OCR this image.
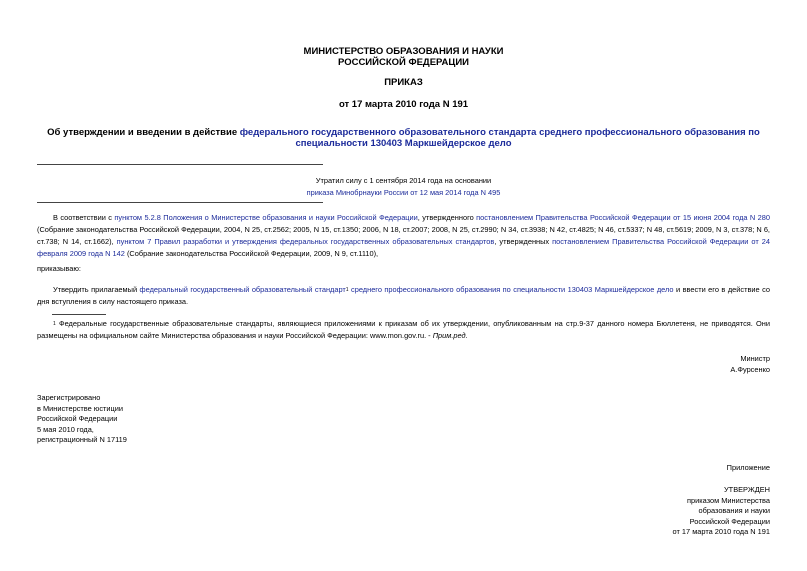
МИНИСТЕРСТВО ОБРАЗОВАНИЯ И НАУКИ
РОССИЙСКОЙ ФЕДЕРАЦИИ
ПРИКАЗ
от 17 марта 2010 года N 191
Об утверждении и введении в действие федерального государственного образовательного стандарта среднего профессионального образования по
специальности 130403 Маркшейдерское дело
Утратил силу с 1 сентября 2014 года на основании
приказа Минобрнауки России от 12 мая 2014 года N 495
В соответствии с пунктом 5.2.8 Положения о Министерстве образования и науки Российской Федерации, утвержденного постановлением Правительства Российской Федерации от 15 июня 2004 года N 280 (Собрание законодательства Российской Федерации, 2004, N 25, ст.2562; 2005, N 15, ст.1350; 2006, N 18, ст.2007; 2008, N 25, ст.2990; N 34, ст.3938; N 42, ст.4825; N 46, ст.5337; N 48, ст.5619; 2009, N 3, ст.378; N 6, ст.738; N 14, ст.1662), пунктом 7 Правил разработки и утверждения федеральных государственных образовательных стандартов, утвержденных постановлением Правительства Российской Федерации от 24 февраля 2009 года N 142 (Собрание законодательства Российской Федерации, 2009, N 9, ст.1110),
приказываю:
Утвердить прилагаемый федеральный государственный образовательный стандарт$^1$ среднего профессионального образования по специальности 130403 Маркшейдерское дело и ввести его в действие со дня вступления в силу настоящего приказа.
$^1$ Федеральные государственные образовательные стандарты, являющиеся приложениями к приказам об их утверждении, опубликованным на стр.9-37 данного номера Бюллетеня, не приводятся. Они размещены на официальном сайте Министерства образования и науки Российской Федерации: www.mon.gov.ru. - Прим.ред.
Министр
А.Фурсенко
Зарегистрировано
в Министерстве юстиции
Российской Федерации
5 мая 2010 года,
регистрационный N 17119
Приложение
УТВЕРЖДЕН
приказом Министерства
образования и науки
Российской Федерации
от 17 марта 2010 года N 191
